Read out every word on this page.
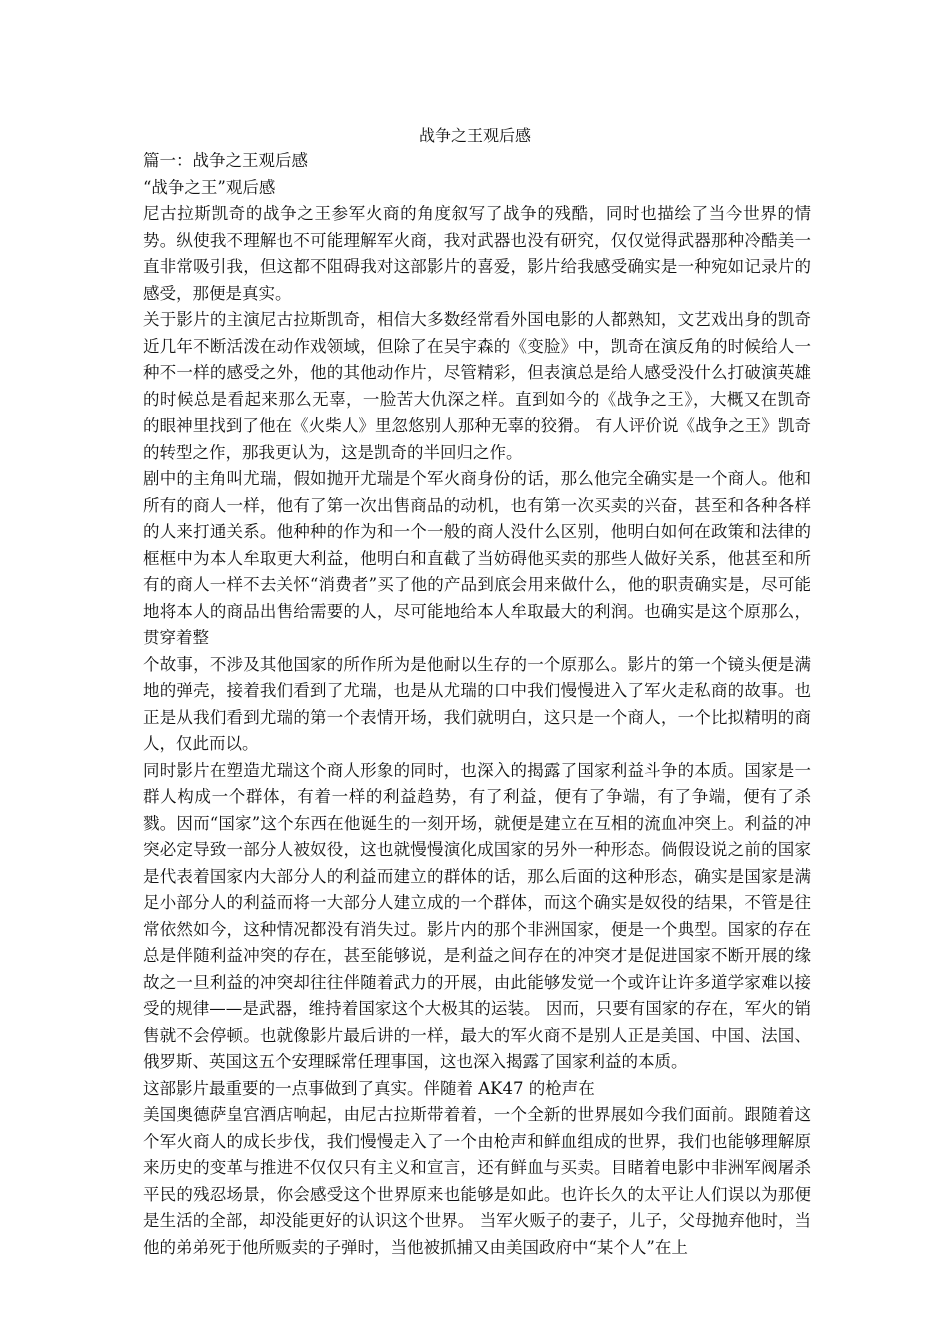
战争之王观后感

篇一：战争之王观后感

“战争之王”观后感

尼古拉斯凯奇的战争之王参军火商的角度叙写了战争的残酷，同时也描绘了当今世界的情势。纵使我不理解也不可能理解军火商，我对武器也没有研究，仅仅觉得武器那种冷酷美一直非常吸引我，但这都不阻碍我对这部影片的喜爱，影片给我感受确实是一种宛如记录片的感受，那便是真实。

关于影片的主演尼古拉斯凯奇，相信大多数经常看外国电影的人都熟知，文艺戏出身的凯奇近几年不断活泼在动作戏领域，但除了在吴宇森的《变脸》中，凯奇在演反角的时候给人一种不一样的感受之外，他的其他动作片，尽管精彩，但表演总是给人感受没什么打破演英雄的时候总是看起来那么无辜，一脸苦大仇深之样。直到如今的《战争之王》，大概又在凯奇的眼神里找到了他在《火柴人》里忽悠别人那种无辜的狡猾。 有人评价说《战争之王》凯奇的转型之作，那我更认为，这是凯奇的半回归之作。

剧中的主角叫尤瑞，假如抛开尤瑞是个军火商身份的话，那么他完全确实是一个商人。他和所有的商人一样，他有了第一次出售商品的动机，也有第一次买卖的兴奋，甚至和各种各样的人来打通关系。他种种的作为和一个一般的商人没什么区别，他明白如何在政策和法律的框框中为本人牟取更大利益，他明白和直截了当妨碍他买卖的那些人做好关系，他甚至和所有的商人一样不去关怀“消费者”买了他的产品到底会用来做什么，他的职责确实是，尽可能地将本人的商品出售给需要的人，尽可能地给本人牟取最大的利润。也确实是这个原那么，贯穿着整

个故事，不涉及其他国家的所作所为是他耐以生存的一个原那么。影片的第一个镜头便是满地的弹壳，接着我们看到了尤瑞，也是从尤瑞的口中我们慢慢进入了军火走私商的故事。也正是从我们看到尤瑞的第一个表情开场，我们就明白，这只是一个商人，一个比拟精明的商人，仅此而以。

同时影片在塑造尤瑞这个商人形象的同时，也深入的揭露了国家利益斗争的本质。国家是一群人构成一个群体，有着一样的利益趋势，有了利益，便有了争端，有了争端，便有了杀戮。因而“国家”这个东西在他诞生的一刻开场，就便是建立在互相的流血冲突上。利益的冲突必定导致一部分人被奴役，这也就慢慢演化成国家的另外一种形态。倘假设说之前的国家是代表着国家内大部分人的利益而建立的群体的话，那么后面的这种形态，确实是国家是满足小部分人的利益而将一大部分人建立成的一个群体，而这个确实是奴役的结果，不管是往常依然如今，这种情况都没有消失过。影片内的那个非洲国家，便是一个典型。国家的存在总是伴随利益冲突的存在，甚至能够说，是利益之间存在的冲突才是促进国家不断开展的缘故之一旦利益的冲突却往往伴随着武力的开展，由此能够发觉一个或许让许多道学家难以接受的规律——是武器，维持着国家这个大极其的运装。 因而，只要有国家的存在，军火的销售就不会停顿。也就像影片最后讲的一样，最大的军火商不是别人正是美国、中国、法国、俄罗斯、英国这五个安理睬常任理事国，这也深入揭露了国家利益的本质。

这部影片最重要的一点事做到了真实。伴随着 AK47 的枪声在

美国奥德萨皇宫酒店响起，由尼古拉斯带着着，一个全新的世界展如今我们面前。跟随着这个军火商人的成长步伐，我们慢慢走入了一个由枪声和鲜血组成的世界，我们也能够理解原来历史的变革与推进不仅仅只有主义和宣言，还有鲜血与买卖。目睹着电影中非洲军阀屠杀平民的残忍场景，你会感受这个世界原来也能够是如此。也许长久的太平让人们误以为那便是生活的全部，却没能更好的认识这个世界。 当军火贩子的妻子，儿子，父母抛弃他时，当他的弟弟死于他所贩卖的子弹时，当他被抓捕又由美国政府中“某个人”在上
